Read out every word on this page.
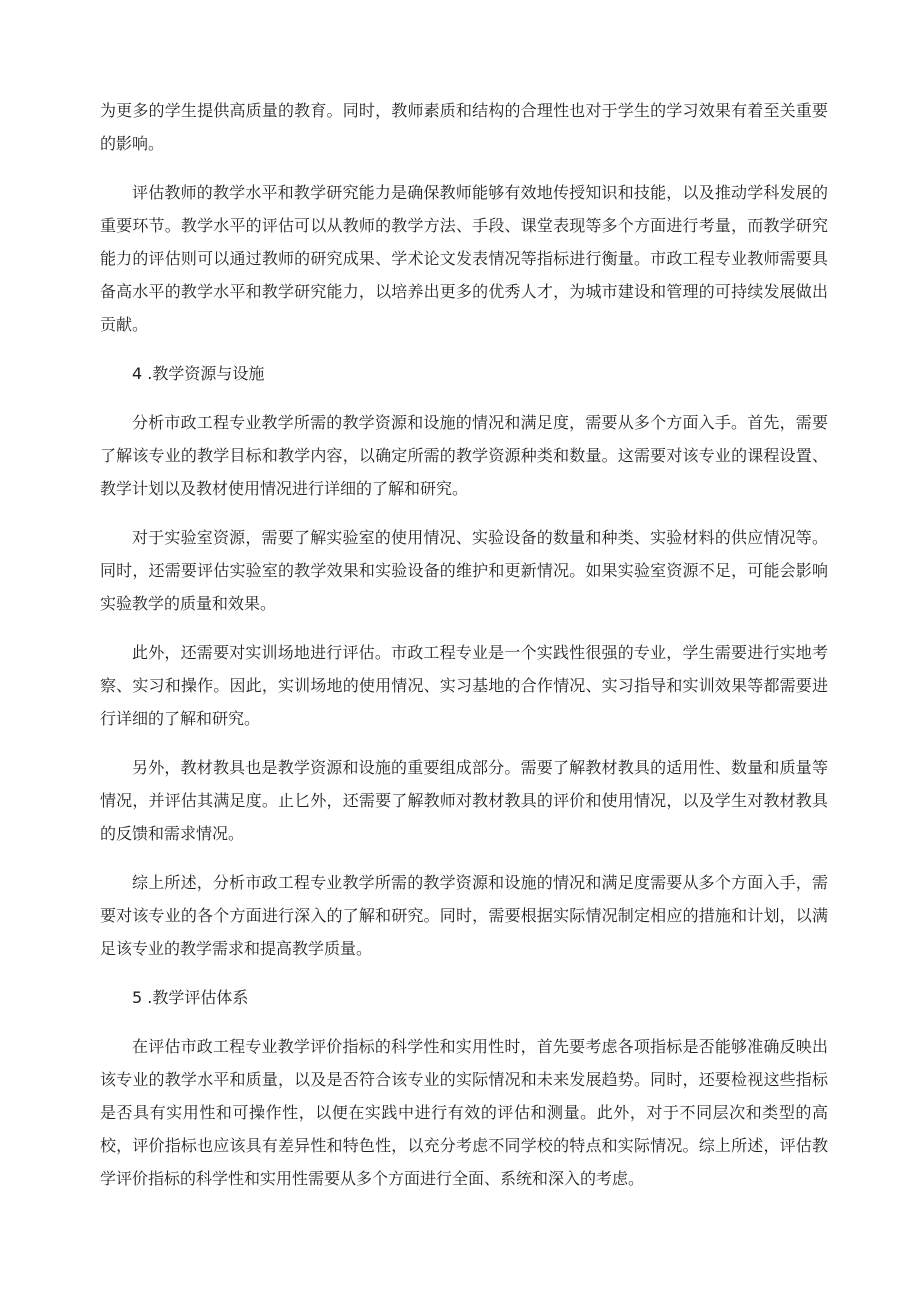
为更多的学生提供高质量的教育。同时，教师素质和结构的合理性也对于学生的学习效果有着至关重要的影响。

评估教师的教学水平和教学研究能力是确保教师能够有效地传授知识和技能，以及推动学科发展的重要环节。教学水平的评估可以从教师的教学方法、手段、课堂表现等多个方面进行考量，而教学研究能力的评估则可以通过教师的研究成果、学术论文发表情况等指标进行衡量。市政工程专业教师需要具备高水平的教学水平和教学研究能力，以培养出更多的优秀人才，为城市建设和管理的可持续发展做出贡献。

4 .教学资源与设施

分析市政工程专业教学所需的教学资源和设施的情况和满足度，需要从多个方面入手。首先，需要了解该专业的教学目标和教学内容，以确定所需的教学资源种类和数量。这需要对该专业的课程设置、教学计划以及教材使用情况进行详细的了解和研究。

对于实验室资源，需要了解实验室的使用情况、实验设备的数量和种类、实验材料的供应情况等。同时，还需要评估实验室的教学效果和实验设备的维护和更新情况。如果实验室资源不足，可能会影响实验教学的质量和效果。

此外，还需要对实训场地进行评估。市政工程专业是一个实践性很强的专业，学生需要进行实地考察、实习和操作。因此，实训场地的使用情况、实习基地的合作情况、实习指导和实训效果等都需要进行详细的了解和研究。

另外，教材教具也是教学资源和设施的重要组成部分。需要了解教材教具的适用性、数量和质量等情况，并评估其满足度。止匕外，还需要了解教师对教材教具的评价和使用情况，以及学生对教材教具的反馈和需求情况。

综上所述，分析市政工程专业教学所需的教学资源和设施的情况和满足度需要从多个方面入手，需要对该专业的各个方面进行深入的了解和研究。同时，需要根据实际情况制定相应的措施和计划，以满足该专业的教学需求和提高教学质量。

5 .教学评估体系

在评估市政工程专业教学评价指标的科学性和实用性时，首先要考虑各项指标是否能够准确反映出该专业的教学水平和质量，以及是否符合该专业的实际情况和未来发展趋势。同时，还要检视这些指标是否具有实用性和可操作性，以便在实践中进行有效的评估和测量。此外，对于不同层次和类型的高校，评价指标也应该具有差异性和特色性，以充分考虑不同学校的特点和实际情况。综上所述，评估教学评价指标的科学性和实用性需要从多个方面进行全面、系统和深入的考虑。
